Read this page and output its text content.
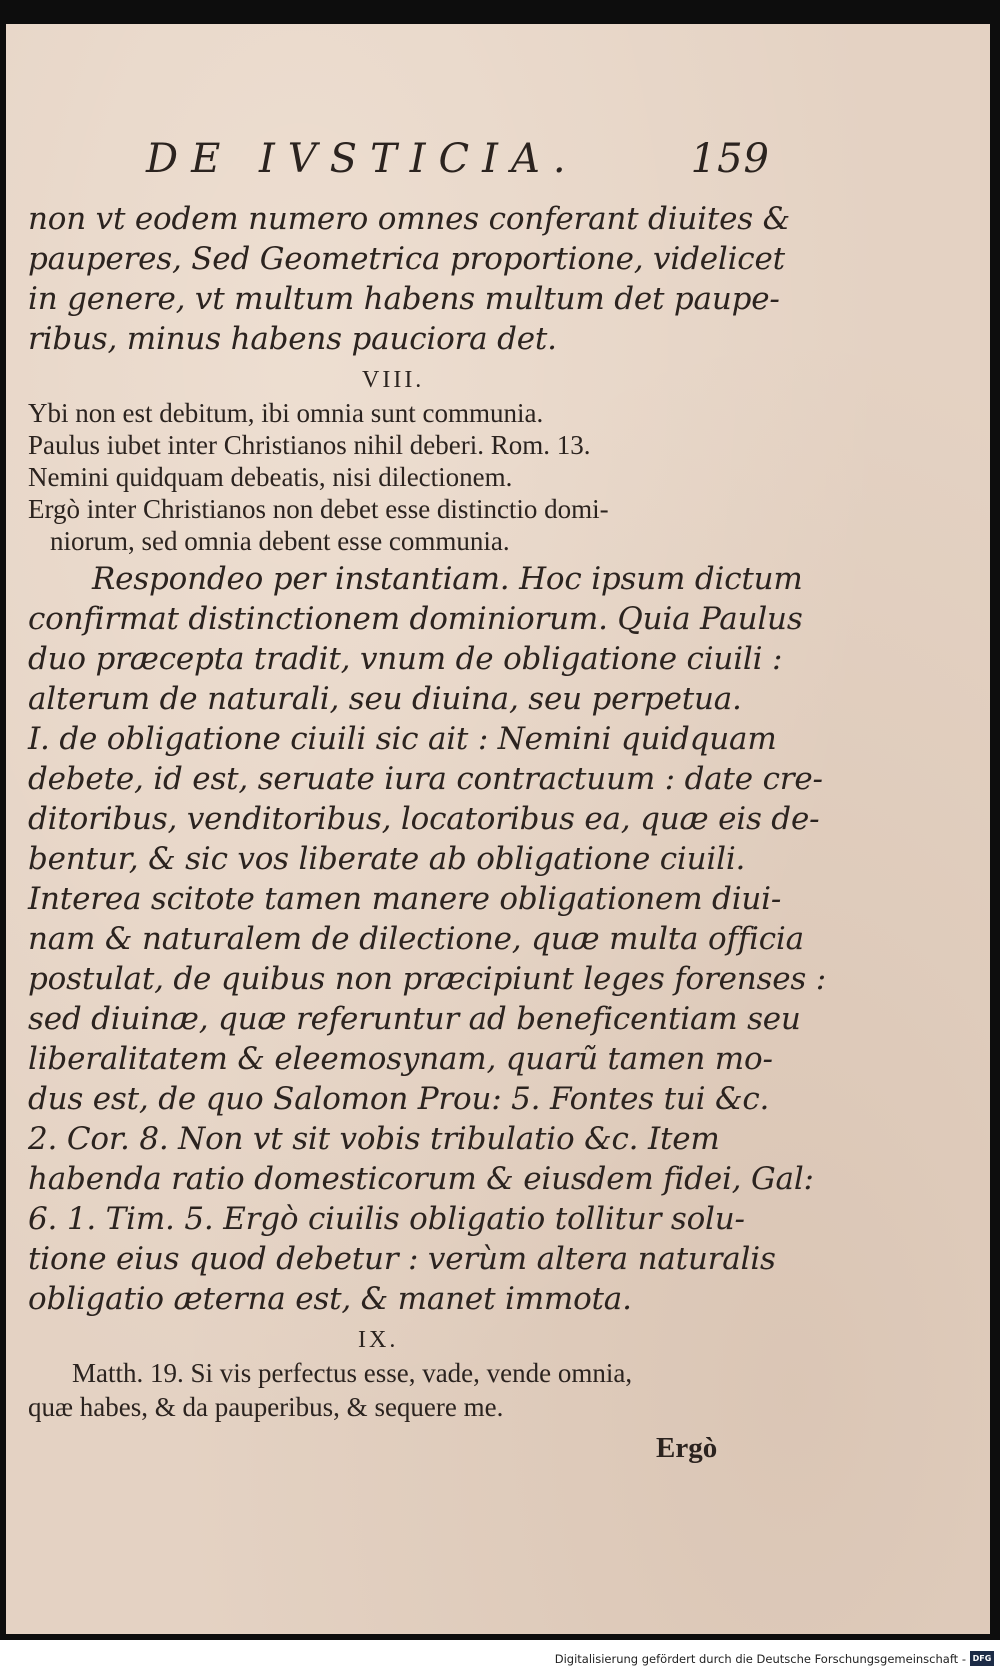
DE IVSTICIA.	159
non vt eodem numero omnes conferant diuites &
pauperes, Sed Geometrica proportione, videlicet
in genere, vt multum habens multum det paupe-
ribus, minus habens pauciora det.
VIII.
Ybi non est debitum, ibi omnia sunt communia.
Paulus iubet inter Christianos nihil deberi. Rom. 13.
Nemini quidquam debeatis, nisi dilectionem.
Ergò inter Christianos non debet esse distinctio domi-
niorum, sed omnia debent esse communia.
Respondeo per instantiam. Hoc ipsum dictum
confirmat distinctionem dominiorum. Quia Paulus
duo præcepta tradit, vnum de obligatione ciuili :
alterum de naturali, seu diuina, seu perpetua.
I. de obligatione ciuili sic ait : Nemini quidquam
debete, id est, seruate iura contractuum : date cre-
ditoribus, venditoribus, locatoribus ea, quæ eis de-
bentur, & sic vos liberate ab obligatione ciuili.
Interea scitote tamen manere obligationem diui-
nam & naturalem de dilectione, quæ multa officia
postulat, de quibus non præcipiunt leges forenses :
sed diuinæ, quæ referuntur ad beneficentiam seu
liberalitatem & eleemosynam, quarũ tamen mo-
dus est, de quo Salomon Prou: 5. Fontes tui &c.
2. Cor. 8. Non vt sit vobis tribulatio &c. Item
habenda ratio domesticorum & eiusdem fidei, Gal:
6. 1. Tim. 5. Ergò ciuilis obligatio tollitur solu-
tione eius quod debetur : verùm altera naturalis
obligatio æterna est, & manet immota.
IX.
Matth. 19. Si vis perfectus esse, vade, vende omnia,
quæ habes, & da pauperibus, & sequere me.
Ergò
Digitalisierung gefördert durch die Deutsche Forschungsgemeinschaft - DFG
